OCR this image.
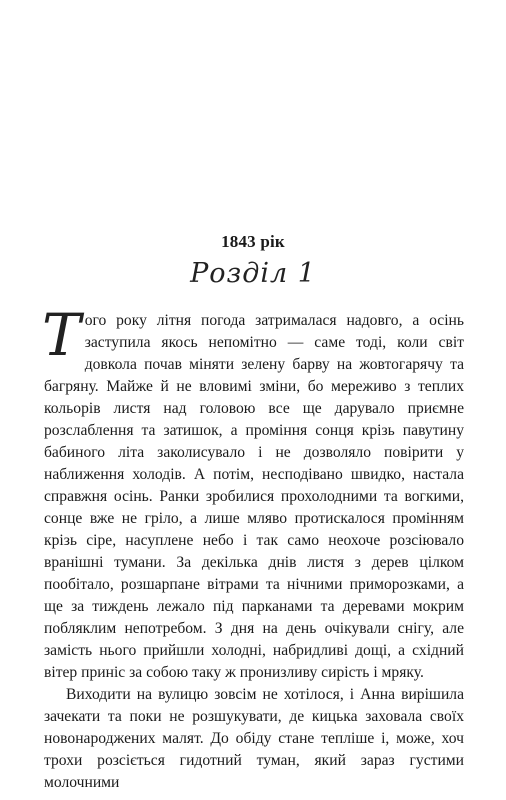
1843 рік
Розділ 1

Того року літня погода затрималася надовго, а осінь заступила якось непомітно — саме тоді, коли світ довкола почав міняти зелену барву на жовтогарячу та багряну. Майже й не вловимі зміни, бо мереживо з теплих кольорів листя над головою все ще дарувало приємне розслаблення та затишок, а проміння сонця крізь павутину бабиного літа заколисувало і не дозволяло повірити у наближення холодів. А потім, несподівано швидко, настала справжня осінь. Ранки зробилися прохолодними та вогкими, сонце вже не гріло, а лише мляво протискалося промінням крізь сіре, насуплене небо і так само неохоче розсіювало вранішні тумани. За декілька днів листя з дерев цілком пообітало, розшарпане вітрами та нічними приморозками, а ще за тиждень лежало під парканами та деревами мокрим побляклим непотребом. З дня на день очікували снігу, але замість нього прийшли холодні, набридливі дощі, а східний вітер приніс за собою таку ж пронизливу сирість і мряку.

Виходити на вулицю зовсім не хотілося, і Анна вирішила зачекати та поки не розшукувати, де кицька заховала своїх новонароджених малят. До обіду стане тепліше і, може, хоч трохи розсіється гидотний туман, який зараз густими молочними
